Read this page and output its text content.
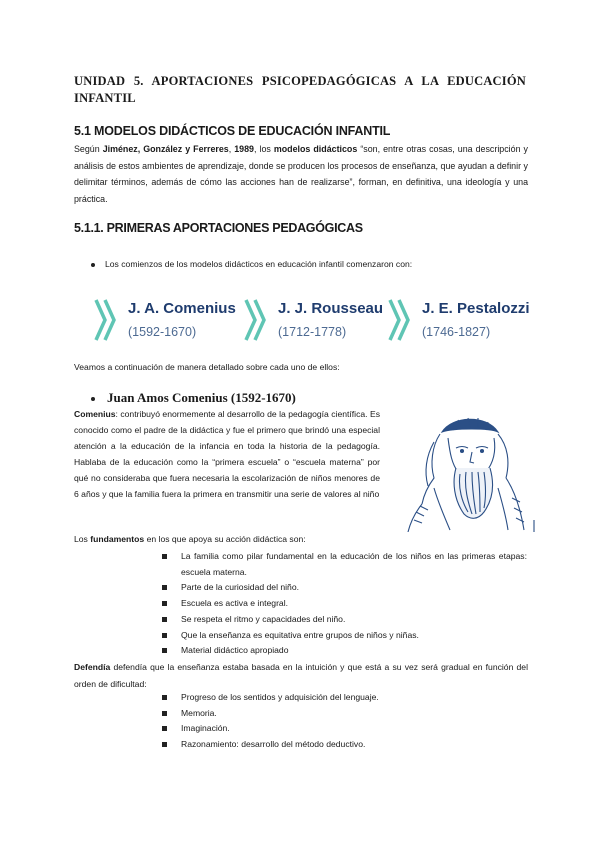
UNIDAD 5. APORTACIONES PSICOPEDAGÓGICAS A LA EDUCACIÓN INFANTIL
5.1 MODELOS DIDÁCTICOS DE EDUCACIÓN INFANTIL
Según Jiménez, González y Ferreres, 1989, los modelos didácticos “son, entre otras cosas, una descripción y análisis de estos ambientes de aprendizaje, donde se producen los procesos de enseñanza, que ayudan a definir y delimitar términos, además de cómo las acciones han de realizarse”, forman, en definitiva, una ideología y una práctica.
5.1.1. PRIMERAS APORTACIONES PEDAGÓGICAS
Los comienzos de los modelos didácticos en educación infantil comenzaron con:
J. A. Comenius
(1592-1670)
J. J. Rousseau
(1712-1778)
J. E. Pestalozzi
(1746-1827)
Veamos a continuación de manera detallado sobre cada uno de ellos:
Juan Amos Comenius (1592-1670)
Comenius: contribuyó enormemente al desarrollo de la pedagogía científica. Es conocido como el padre de la didáctica y fue el primero que brindó una especial atención a la educación de la infancia en toda la historia de la pedagogía. Hablaba de la educación como la “primera escuela” o “escuela materna” por qué no consideraba que fuera necesaria la escolarización de niños menores de 6 años y que la familia fuera la primera en transmitir una serie de valores al niño
Los fundamentos en los que apoya su acción didáctica son:
La familia como pilar fundamental en la educación de los niños en las primeras etapas: escuela materna.
Parte de la curiosidad del niño.
Escuela es activa e integral.
Se respeta el ritmo y capacidades del niño.
Que la enseñanza es equitativa entre grupos de niños y niñas.
Material didáctico apropiado
Defendía defendía que la enseñanza estaba basada en la intuición y que está a su vez será gradual en función del orden de dificultad:
Progreso de los sentidos y adquisición del lenguaje.
Memoria.
Imaginación.
Razonamiento: desarrollo del método deductivo.
